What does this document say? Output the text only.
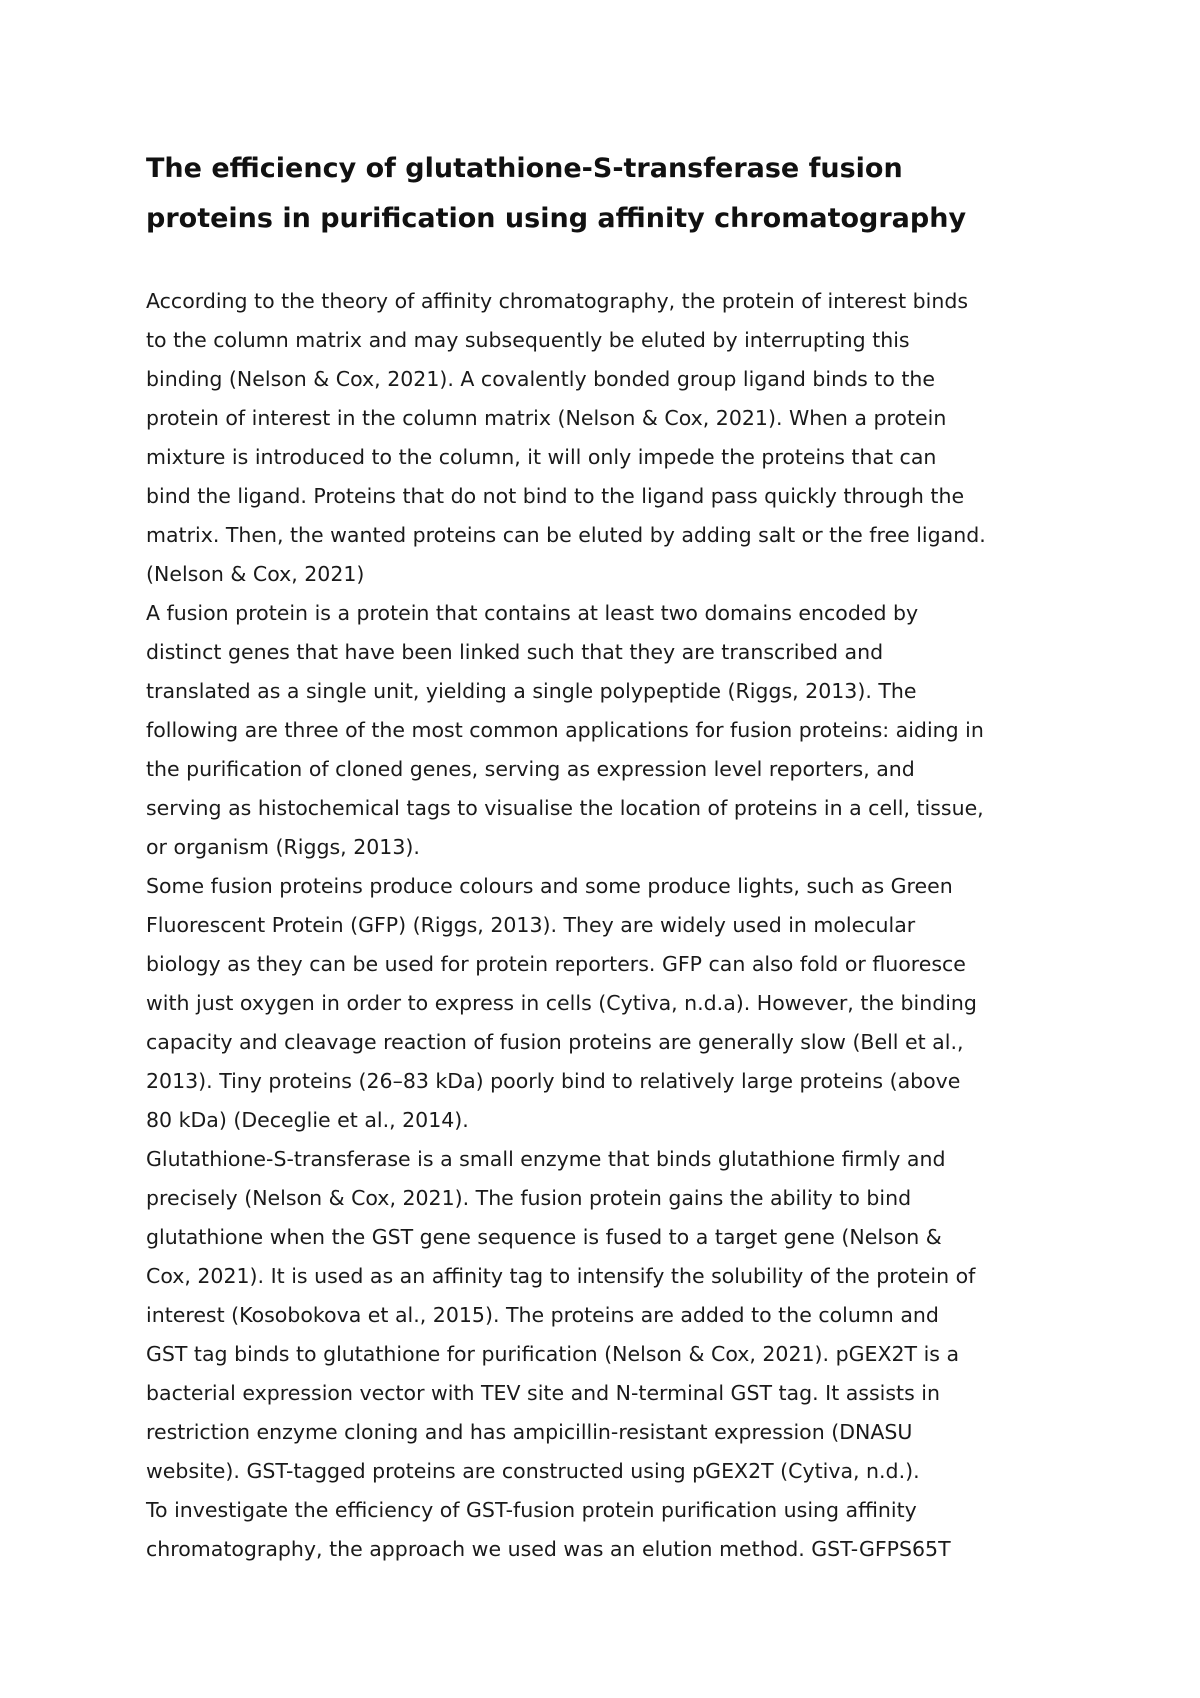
The efficiency of glutathione-S-transferase fusion
proteins in purification using affinity chromatography

According to the theory of affinity chromatography, the protein of interest binds
to the column matrix and may subsequently be eluted by interrupting this
binding (Nelson & Cox, 2021). A covalently bonded group ligand binds to the
protein of interest in the column matrix (Nelson & Cox, 2021). When a protein
mixture is introduced to the column, it will only impede the proteins that can
bind the ligand. Proteins that do not bind to the ligand pass quickly through the
matrix. Then, the wanted proteins can be eluted by adding salt or the free ligand.
(Nelson & Cox, 2021)

A fusion protein is a protein that contains at least two domains encoded by
distinct genes that have been linked such that they are transcribed and
translated as a single unit, yielding a single polypeptide (Riggs, 2013). The
following are three of the most common applications for fusion proteins: aiding in
the purification of cloned genes, serving as expression level reporters, and
serving as histochemical tags to visualise the location of proteins in a cell, tissue,
or organism (Riggs, 2013).

Some fusion proteins produce colours and some produce lights, such as Green
Fluorescent Protein (GFP) (Riggs, 2013). They are widely used in molecular
biology as they can be used for protein reporters. GFP can also fold or fluoresce
with just oxygen in order to express in cells (Cytiva, n.d.a). However, the binding
capacity and cleavage reaction of fusion proteins are generally slow (Bell et al.,
2013). Tiny proteins (26–83 kDa) poorly bind to relatively large proteins (above
80 kDa) (Deceglie et al., 2014).

Glutathione-S-transferase is a small enzyme that binds glutathione firmly and
precisely (Nelson & Cox, 2021). The fusion protein gains the ability to bind
glutathione when the GST gene sequence is fused to a target gene (Nelson &
Cox, 2021). It is used as an affinity tag to intensify the solubility of the protein of
interest (Kosobokova et al., 2015). The proteins are added to the column and
GST tag binds to glutathione for purification (Nelson & Cox, 2021). pGEX2T is a
bacterial expression vector with TEV site and N-terminal GST tag. It assists in
restriction enzyme cloning and has ampicillin-resistant expression (DNASU
website). GST-tagged proteins are constructed using pGEX2T (Cytiva, n.d.).

To investigate the efficiency of GST-fusion protein purification using affinity
chromatography, the approach we used was an elution method. GST-GFPS65T
